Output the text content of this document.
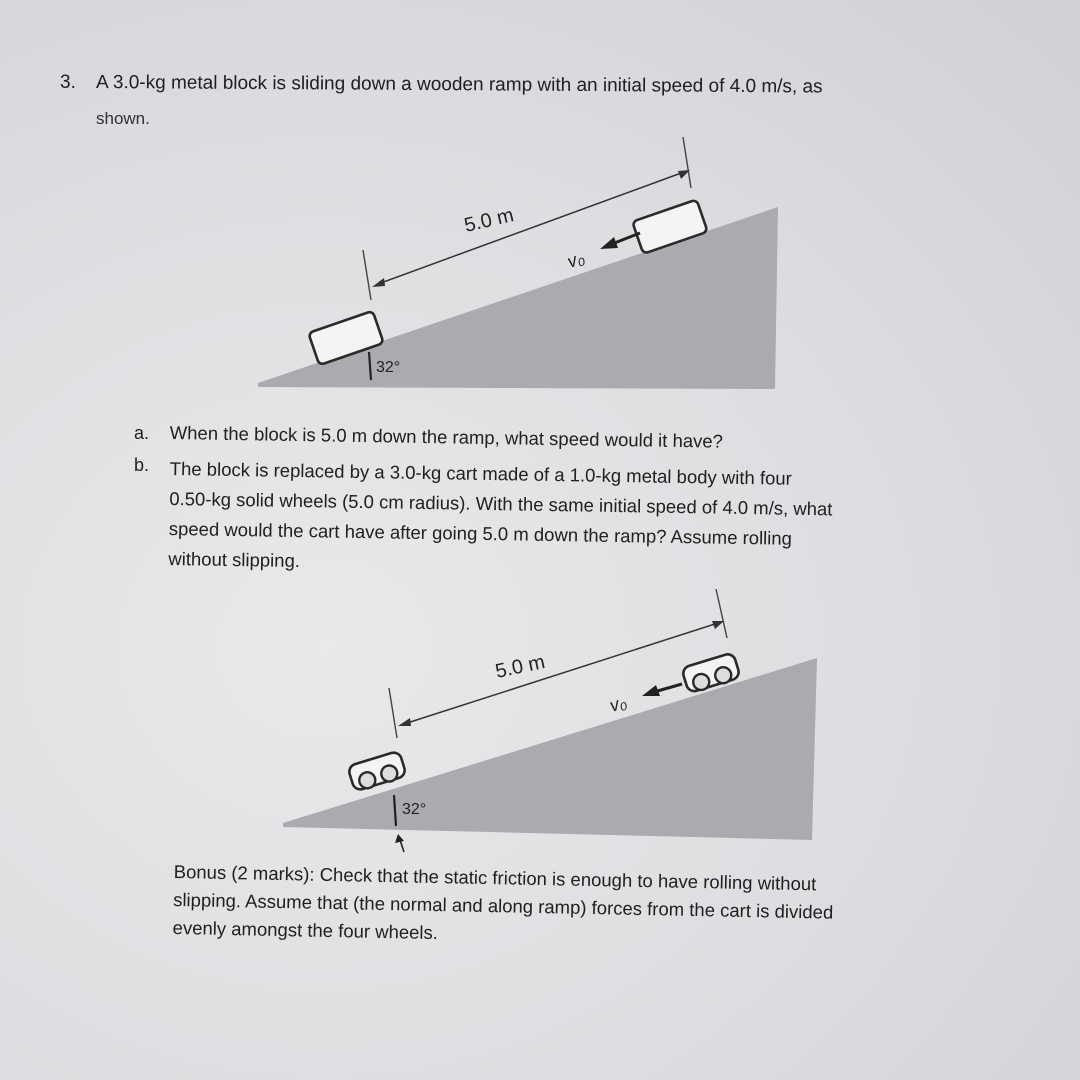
3. A 3.0-kg metal block is sliding down a wooden ramp with an initial speed of 4.0 m/s, as
shown.
5.0 m
v₀
32°
a. When the block is 5.0 m down the ramp, what speed would it have?
b. The block is replaced by a 3.0-kg cart made of a 1.0-kg metal body with four
0.50-kg solid wheels (5.0 cm radius). With the same initial speed of 4.0 m/s, what
speed would the cart have after going 5.0 m down the ramp? Assume rolling
without slipping.
5.0 m
v₀
32°
Bonus (2 marks): Check that the static friction is enough to have rolling without
slipping. Assume that (the normal and along ramp) forces from the cart is divided
evenly amongst the four wheels.
